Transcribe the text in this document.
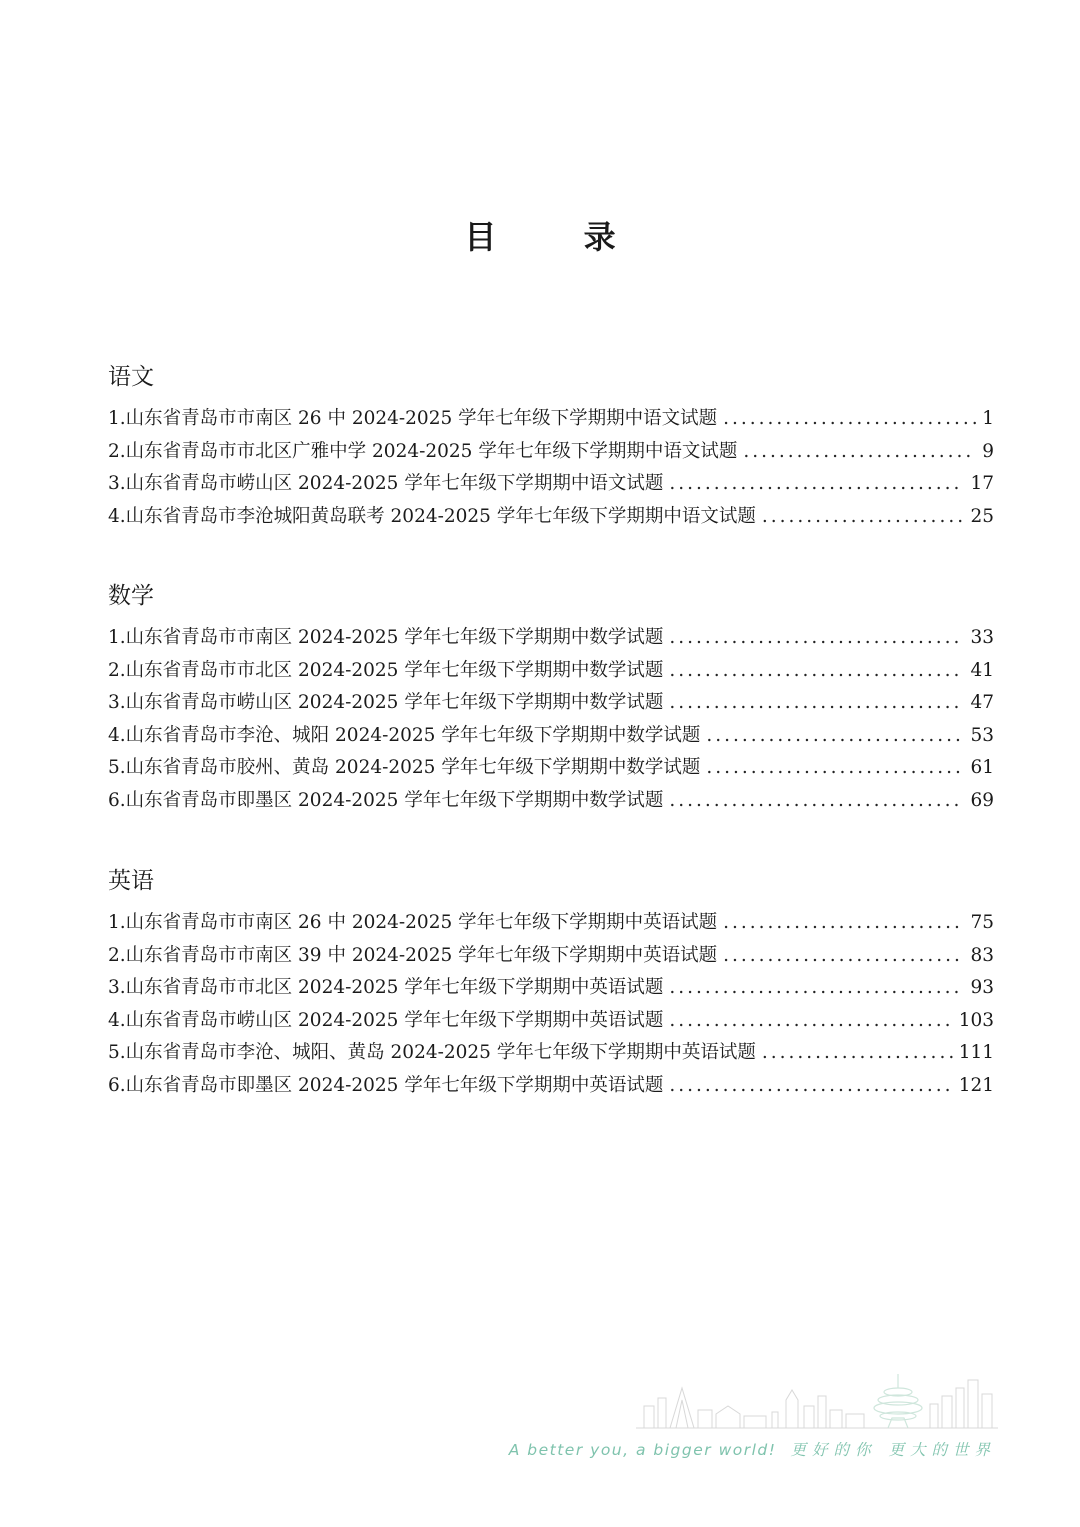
目 录
语文
1.山东省青岛市市南区 26 中 2024-2025 学年七年级下学期期中语文试题 .....	1
2.山东省青岛市市北区广雅中学 2024-2025 学年七年级下学期期中语文试题 .....	9
3.山东省青岛市崂山区 2024-2025 学年七年级下学期期中语文试题 .....	17
4.山东省青岛市李沧城阳黄岛联考 2024-2025 学年七年级下学期期中语文试题 .....	25
数学
1.山东省青岛市市南区 2024-2025 学年七年级下学期期中数学试题 .....	33
2.山东省青岛市市北区 2024-2025 学年七年级下学期期中数学试题 .....	41
3.山东省青岛市崂山区 2024-2025 学年七年级下学期期中数学试题 .....	47
4.山东省青岛市李沧、城阳 2024-2025 学年七年级下学期期中数学试题 .....	53
5.山东省青岛市胶州、黄岛 2024-2025 学年七年级下学期期中数学试题 .....	61
6.山东省青岛市即墨区 2024-2025 学年七年级下学期期中数学试题 .....	69
英语
1.山东省青岛市市南区 26 中 2024-2025 学年七年级下学期期中英语试题 .....	75
2.山东省青岛市市南区 39 中 2024-2025 学年七年级下学期期中英语试题 .....	83
3.山东省青岛市市北区 2024-2025 学年七年级下学期期中英语试题 .....	93
4.山东省青岛市崂山区 2024-2025 学年七年级下学期期中英语试题 .....	103
5.山东省青岛市李沧、城阳、黄岛 2024-2025 学年七年级下学期期中英语试题 .....	111
6.山东省青岛市即墨区 2024-2025 学年七年级下学期期中英语试题 .....	121
A better you, a bigger world! 更好的你 更大的世界
